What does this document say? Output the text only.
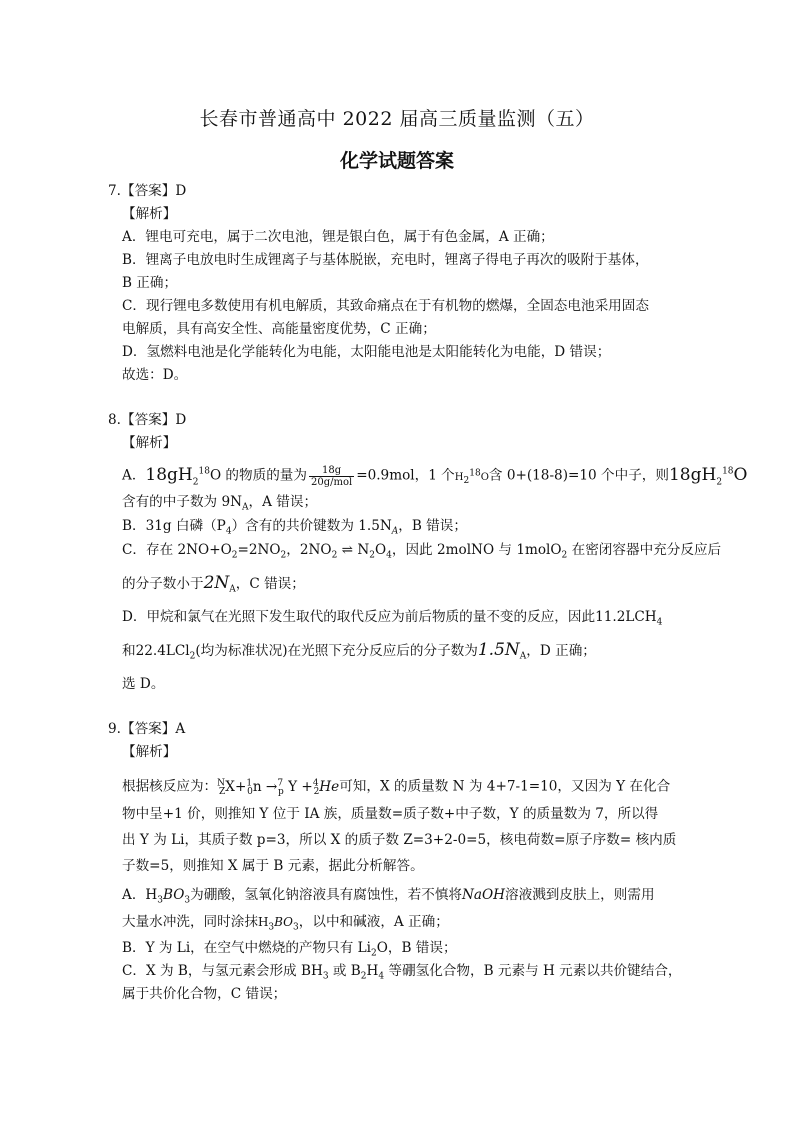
长春市普通高中 2022 届高三质量监测（五）
化学试题答案
7.【答案】D
【解析】
A．锂电可充电，属于二次电池，锂是银白色，属于有色金属，A 正确；
B．锂离子电放电时生成锂离子与基体脱嵌，充电时，锂离子得电子再次的吸附于基体，
B 正确；
C．现行锂电多数使用有机电解质，其致命痛点在于有机物的燃爆，全固态电池采用固态
电解质，具有高安全性、高能量密度优势，C 正确；
D．氢燃料电池是化学能转化为电能，太阳能电池是太阳能转化为电能，D 错误；
故选：D。
8.【答案】D
【解析】
A．$18gH_2^{18}O$ 的物质的量为 $\frac{18g}{\text{20g/mol}} =0.9mol$，1 个$H_2^{18}O$含 0+(18-8)=10 个中子，则$18gH_2^{18}O$
含有的中子数为 $9N_A$，A 错误；
B．31g 白磷$(P_4)$含有的共价键数为 $1.5N_A$，B 错误；
C．存在 $2NO+O_2=2NO_2$，$2NO_2$ ⇌ $N_2O_4$，因此 2molNO 与 1molO$_2$ 在密闭容器中充分反应后
的分子数小于$2N_A$，C 错误；
D．甲烷和氯气在光照下发生取代的取代反应为前后物质的量不变的反应，因此$11.2LCH_4$
和22.4LCl$_2$(均为标准状况)在光照下充分反应后的分子数为$1.5N_A$，D 正确；
选 D。
9.【答案】A
【解析】
根据核反应为：$^N_Z$X+$^1_0$n →$^7_p$ Y +$^4_2$He可知，X 的质量数 N 为 4+7-1=10，又因为 Y 在化合
物中呈+1 价，则推知 Y 位于 IA 族，质量数=质子数+中子数，Y 的质量数为 7，所以得
出 Y 为 Li，其质子数 p=3，所以 X 的质子数 Z=3+2-0=5，核电荷数=原子序数= 核内质
子数=5，则推知 X 属于 B 元素，据此分析解答。
A．$H_3BO_3$为硼酸，氢氧化钠溶液具有腐蚀性，若不慎将NaOH溶液溅到皮肤上，则需用
大量水冲洗，同时涂抹$H_3BO_3$，以中和碱液，A 正确；
B．Y 为 Li，在空气中燃烧的产物只有 $Li_2O$，B 错误；
C．X 为 B，与氢元素会形成 $BH_3$ 或 $B_2H_4$ 等硼氢化合物，B 元素与 H 元素以共价键结合，
属于共价化合物，C 错误；
